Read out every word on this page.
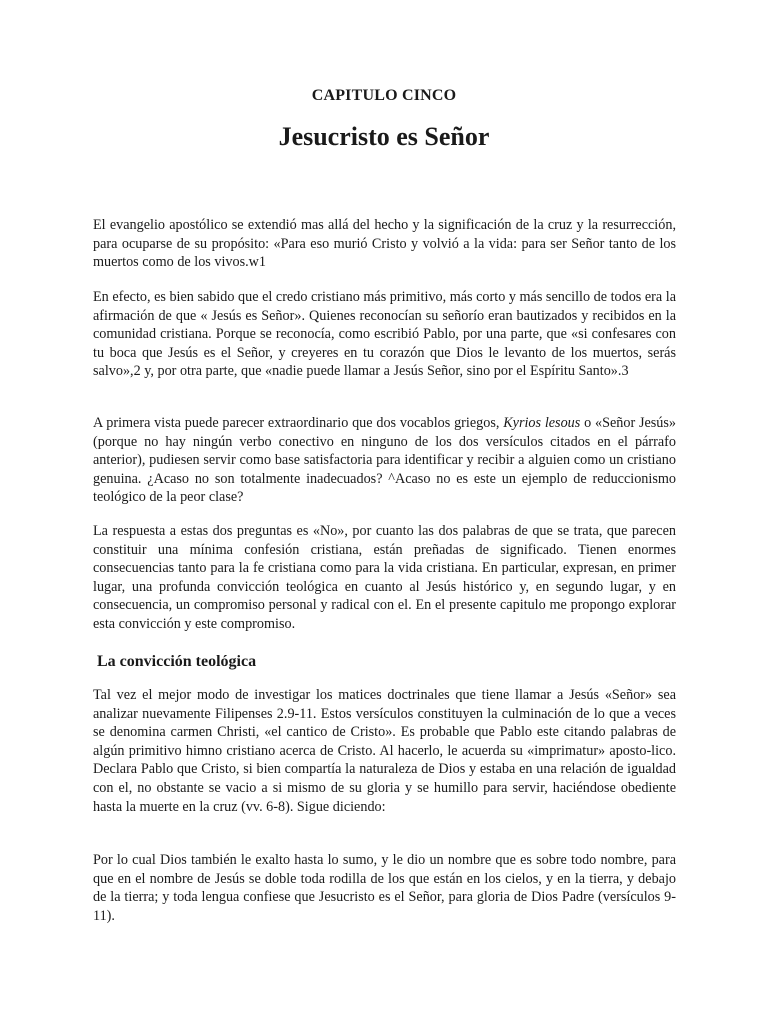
CAPITULO CINCO
Jesucristo es Señor

El evangelio apostólico se extendió mas allá del hecho y la significación de la cruz y la resurrección, para ocuparse de su propósito: «Para eso murió Cristo y volvió a la vida: para ser Señor tanto de los muertos como de los vivos.w1

En efecto, es bien sabido que el credo cristiano más primitivo, más corto y más sencillo de todos era la afirmación de que « Jesús es Señor». Quienes reconocían su señorío eran bautizados y recibidos en la comunidad cristiana. Porque se reconocía, como escribió Pablo, por una parte, que «si confesares con tu boca que Jesús es el Señor, y creyeres en tu corazón que Dios le levanto de los muertos, serás salvo»,2 y, por otra parte, que «nadie puede llamar a Jesús Señor, sino por el Espíritu Santo».3

A primera vista puede parecer extraordinario que dos vocablos griegos, Kyrios lesous o «Señor Jesús» (porque no hay ningún verbo conectivo en ninguno de los dos versículos citados en el párrafo anterior), pudiesen servir como base satisfactoria para identificar y recibir a alguien como un cristiano genuina. ¿Acaso no son totalmente inadecuados? ^Acaso no es este un ejemplo de reduccionismo teológico de la peor clase?

La respuesta a estas dos preguntas es «No», por cuanto las dos palabras de que se trata, que parecen constituir una mínima confesión cristiana, están preñadas de significado. Tienen enormes consecuencias tanto para la fe cristiana como para la vida cristiana. En particular, expresan, en primer lugar, una profunda convicción teológica en cuanto al Jesús histórico y, en segundo lugar, y en consecuencia, un compromiso personal y radical con el. En el presente capitulo me propongo explorar esta convicción y este compromiso.

La convicción teológica

Tal vez el mejor modo de investigar los matices doctrinales que tiene llamar a Jesús «Señor» sea analizar nuevamente Filipenses 2.9-11. Estos versículos constituyen la culminación de lo que a veces se denomina carmen Christi, «el cantico de Cristo». Es probable que Pablo este citando palabras de algún primitivo himno cristiano acerca de Cristo. Al hacerlo, le acuerda su «imprimatur» aposto-lico. Declara Pablo que Cristo, si bien compartía la naturaleza de Dios y estaba en una relación de igualdad con el, no obstante se vacio a si mismo de su gloria y se humillo para servir, haciéndose obediente hasta la muerte en la cruz (vv. 6-8). Sigue diciendo:

Por lo cual Dios también le exalto hasta lo sumo, y le dio un nombre que es sobre todo nombre, para que en el nombre de Jesús se doble toda rodilla de los que están en los cielos, y en la tierra, y debajo de la tierra; y toda lengua confiese que Jesucristo es el Señor, para gloria de Dios Padre (versículos 9-11).
